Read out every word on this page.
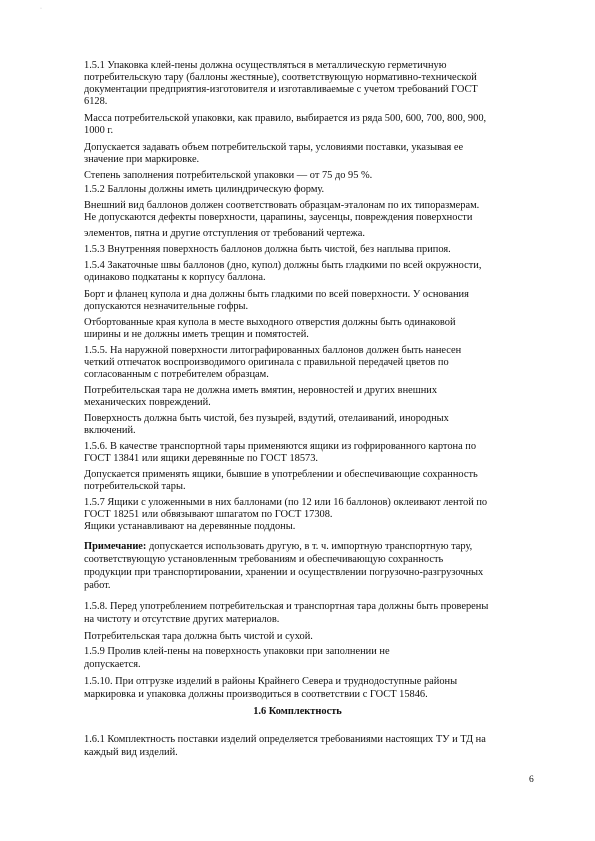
·
1.5.1 Упаковка клей-пены должна осуществляться в металлическую герметичную
потребительскую тару (баллоны жестяные), соответствующую нормативно-технической
документации предприятия-изготовителя и изготавливаемые с учетом требований ГОСТ
6128.
Масса потребительской упаковки, как правило, выбирается из ряда 500, 600, 700, 800, 900,
1000 г.
Допускается задавать объем потребительской тары, условиями поставки, указывая ее
значение при маркировке.
Степень заполнения потребительской упаковки — от 75 до 95 %.
1.5.2 Баллоны должны иметь цилиндрическую форму.
Внешний вид баллонов должен соответствовать образцам-эталонам по их типоразмерам.
Не допускаются дефекты поверхности, царапины, заусенцы, повреждения поверхности
элементов, пятна и другие отступления от требований чертежа.
1.5.3 Внутренняя поверхность баллонов должна быть чистой, без наплыва припоя.
1.5.4 Закаточные швы баллонов (дно, купол) должны быть гладкими по всей окружности,
одинаково подкатаны к корпусу баллона.
Борт и фланец купола и дна должны быть гладкими по всей поверхности. У основания
допускаются незначительные гофры.
Отбортованные края купола в месте выходного отверстия должны быть одинаковой
ширины и не должны иметь трещин и помятостей.
1.5.5. На наружной поверхности литографированных баллонов должен быть нанесен
четкий отпечаток воспроизводимого оригинала с правильной передачей цветов по
согласованным с потребителем образцам.
Потребительская тара не должна иметь вмятин, неровностей и других внешних
механических повреждений.
Поверхность должна быть чистой, без пузырей, вздутий, отелаиваний, инородных
включений.
1.5.6. В качестве транспортной тары применяются ящики из гофрированного картона по
ГОСТ 13841 или ящики деревянные по ГОСТ 18573.
Допускается применять ящики, бывшие в употреблении и обеспечивающие сохранность
потребительской тары.
1.5.7 Ящики с уложенными в них баллонами (по 12 или 16 баллонов) оклеивают лентой по
ГОСТ 18251 или обвязывают шпагатом по ГОСТ 17308.
Ящики устанавливают на деревянные поддоны.
Примечание: допускается использовать другую, в т. ч. импортную транспортную тару,
соответствующую установленным требованиям и обеспечивающую сохранность
продукции при транспортировании, хранении и осуществлении погрузочно-разгрузочных
работ.
1.5.8. Перед употреблением потребительская и транспортная тара должны быть проверены
на чистоту и отсутствие других материалов.
Потребительская тара должна быть чистой и сухой.
1.5.9 Пролив клей-пены на поверхность упаковки при заполнении не
допускается.
1.5.10. При отгрузке изделий в районы Крайнего Севера и труднодоступные районы
маркировка и упаковка должны производиться в соответствии с ГОСТ 15846.
1.6 Комплектность
1.6.1 Комплектность поставки изделий определяется требованиями настоящих ТУ и ТД на
каждый вид изделий.
6
